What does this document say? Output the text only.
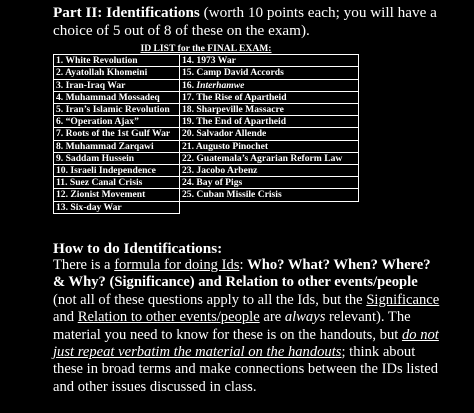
Part II: Identifications (worth 10 points each; you will have a choice of 5 out of 8 of these on the exam).

ID LIST for the FINAL EXAM:	
1. White Revolution	14. 1973 War
2. Ayatollah Khomeini	15. Camp David Accords
3. Iran-Iraq War	16. Interhamwe
4. Muhammad Mossadeq	17. The Rise of Apartheid
5. Iran’s Islamic Revolution	18. Sharpeville Massacre
6. “Operation Ajax”	19. The End of Apartheid
7. Roots of the 1st Gulf War	20. Salvador Allende
8. Muhammad Zarqawi	21. Augusto Pinochet
9. Saddam Hussein	22. Guatemala’s Agrarian Reform Law
10. Israeli Independence	23. Jacobo Arbenz
11. Suez Canal Crisis	24. Bay of Pigs
12. Zionist Movement	25. Cuban Missile Crisis
13. Six-day War	

How to do Identifications:

There is a formula for doing Ids: Who? What? When? Where? & Why? (Significance) and Relation to other events/people (not all of these questions apply to all the Ids, but the Significance and Relation to other events/people are always relevant). The material you need to know for these is on the handouts, but do not just repeat verbatim the material on the handouts; think about these in broad terms and make connections between the IDs listed and other issues discussed in class.
